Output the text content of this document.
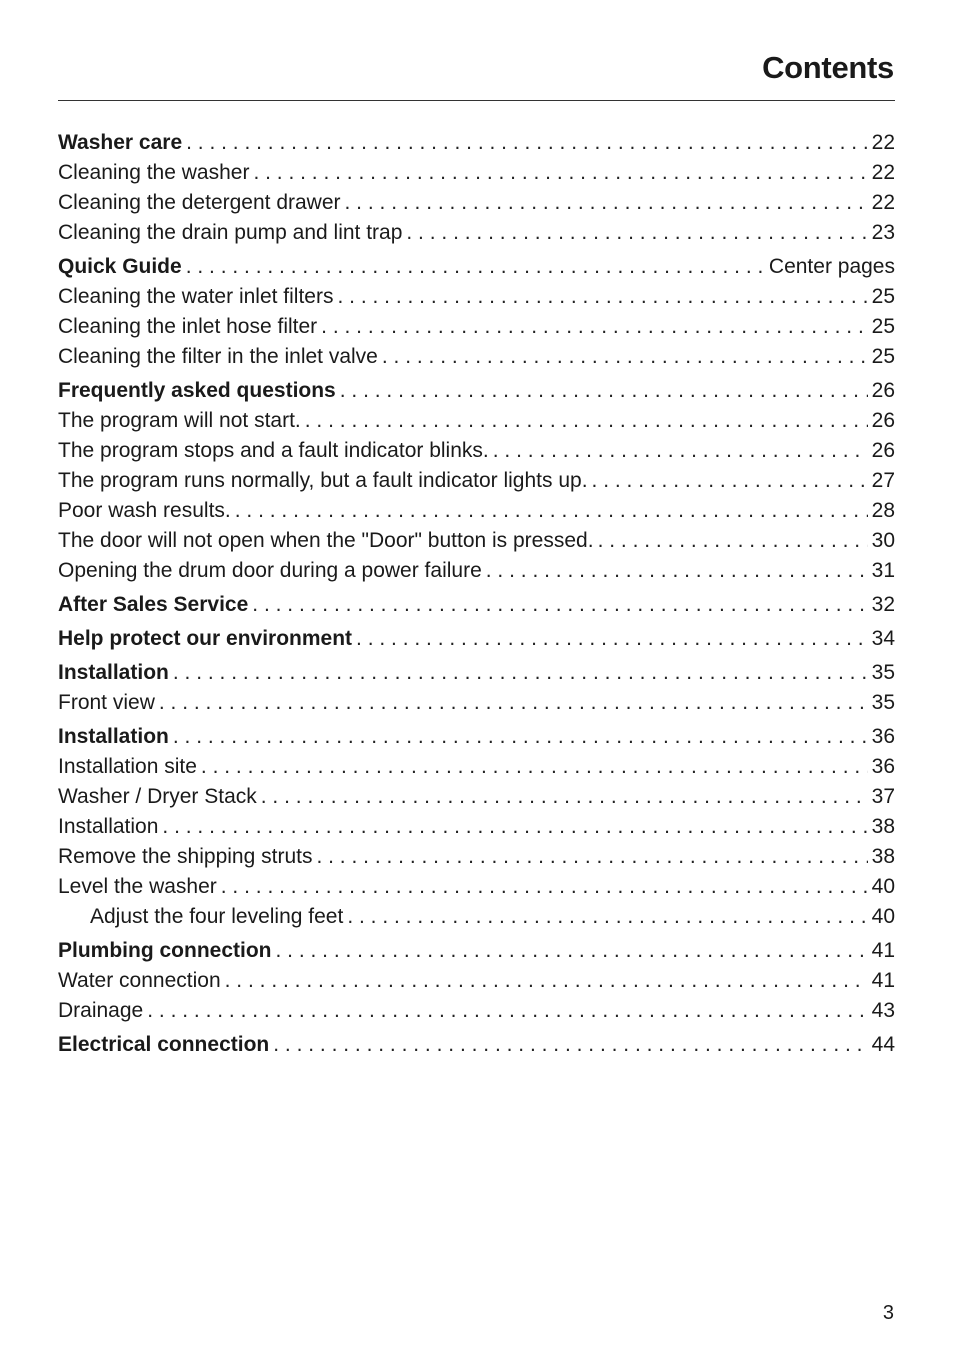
Contents
Washer care . . .	22
Cleaning the washer . . .	22
Cleaning the detergent drawer . . .	22
Cleaning the drain pump and lint trap . . .	23
Quick Guide . . .	Center pages
Cleaning the water inlet filters . . .	25
Cleaning the inlet hose filter . . .	25
Cleaning the filter in the inlet valve . . .	25
Frequently asked questions . . .	26
The program will not start. . . .	26
The program stops and a fault indicator blinks. . . .	26
The program runs normally, but a fault indicator lights up. . . .	27
Poor wash results. . . .	28
The door will not open when the "Door" button is pressed. . . .	30
Opening the drum door during a power failure . . .	31
After Sales Service . . .	32
Help protect our environment . . .	34
Installation . . .	35
Front view . . .	35
Installation . . .	36
Installation site . . .	36
Washer / Dryer Stack . . .	37
Installation . . .	38
Remove the shipping struts . . .	38
Level the washer . . .	40
Adjust the four leveling feet . . .	40
Plumbing connection . . .	41
Water connection . . .	41
Drainage . . .	43
Electrical connection . . .	44
3
